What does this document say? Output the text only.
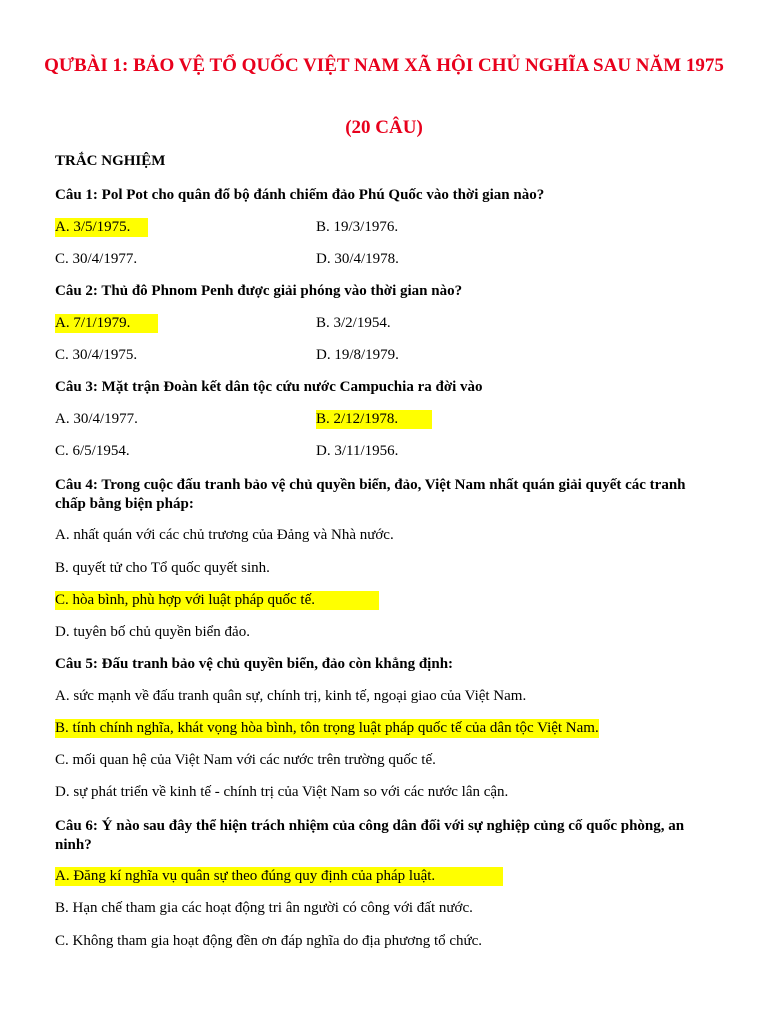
QƯBÀI 1: BẢO VỆ TỔ QUỐC VIỆT NAM XÃ HỘI CHỦ NGHĨA SAU NĂM 1975
(20 CÂU)
TRẮC NGHIỆM
Câu 1: Pol Pot cho quân đổ bộ đánh chiếm đảo Phú Quốc vào thời gian nào?
A. 3/5/1975.	B. 19/3/1976.
C. 30/4/1977.	D. 30/4/1978.
Câu 2: Thủ đô Phnom Penh được giải phóng vào thời gian nào?
A. 7/1/1979.	B. 3/2/1954.
C. 30/4/1975.	D. 19/8/1979.
Câu 3: Mặt trận Đoàn kết dân tộc cứu nước Campuchia ra đời vào
A. 30/4/1977.	B. 2/12/1978.
C. 6/5/1954.	D. 3/11/1956.
Câu 4: Trong cuộc đấu tranh bảo vệ chủ quyền biển, đảo, Việt Nam nhất quán giải quyết các tranh chấp bằng biện pháp:
A. nhất quán với các chủ trương của Đảng và Nhà nước.
B. quyết tử cho Tổ quốc quyết sinh.
C. hòa bình, phù hợp với luật pháp quốc tế.
D. tuyên bố chủ quyền biển đảo.
Câu 5: Đấu tranh bảo vệ chủ quyền biển, đảo còn khẳng định:
A. sức mạnh về đấu tranh quân sự, chính trị, kinh tế, ngoại giao của Việt Nam.
B. tính chính nghĩa, khát vọng hòa bình, tôn trọng luật pháp quốc tế của dân tộc Việt Nam.
C. mối quan hệ của Việt Nam với các nước trên trường quốc tế.
D. sự phát triển về kinh tế - chính trị của Việt Nam so với các nước lân cận.
Câu 6: Ý nào sau đây thể hiện trách nhiệm của công dân đối với sự nghiệp củng cố quốc phòng, an ninh?
A. Đăng kí nghĩa vụ quân sự theo đúng quy định của pháp luật.
B. Hạn chế tham gia các hoạt động tri ân người có công với đất nước.
C. Không tham gia hoạt động đền ơn đáp nghĩa do địa phương tổ chức.
